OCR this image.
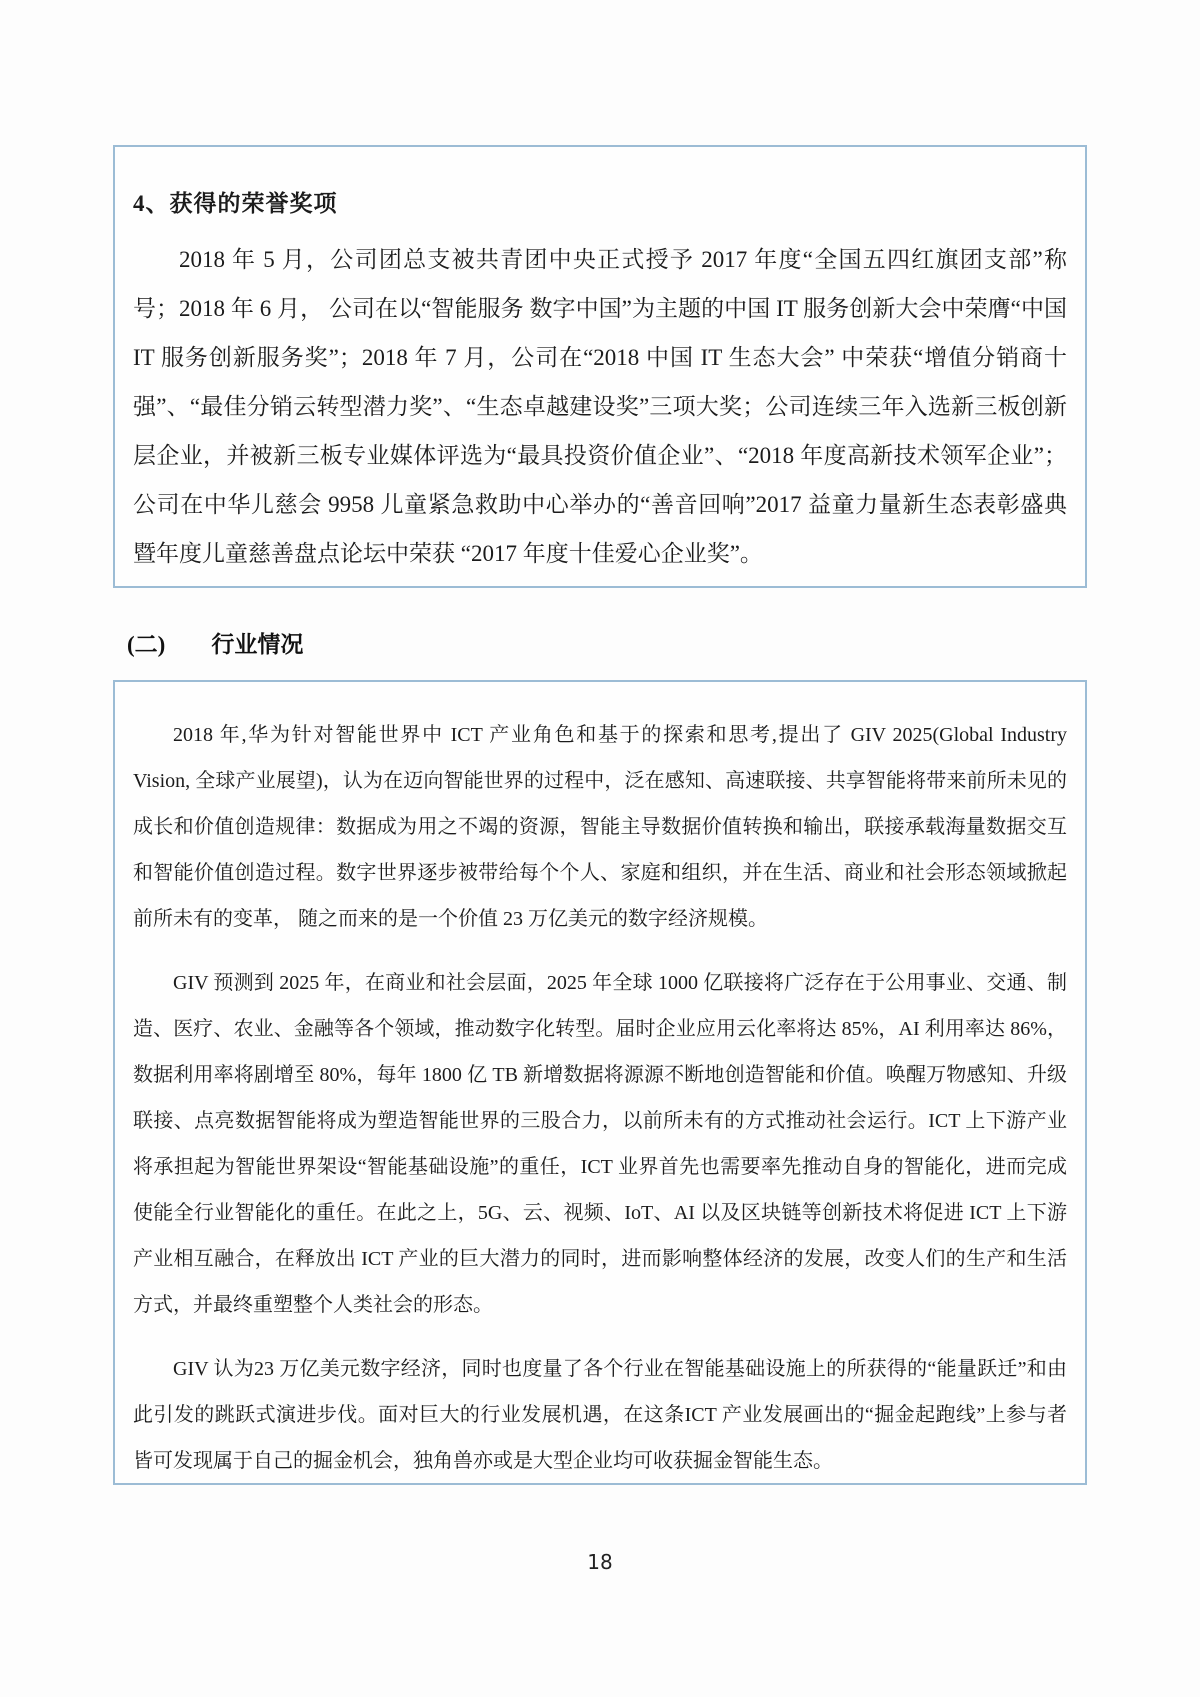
4、获得的荣誉奖项

2018 年 5 月，公司团总支被共青团中央正式授予 2017 年度“全国五四红旗团支部”称号；2018 年 6 月， 公司在以“智能服务 数字中国”为主题的中国 IT 服务创新大会中荣膺“中国 IT 服务创新服务奖”；2018 年 7 月，公司在“2018 中国 IT 生态大会” 中荣获“增值分销商十强”、“最佳分销云转型潜力奖”、“生态卓越建设奖”三项大奖；公司连续三年入选新三板创新层企业，并被新三板专业媒体评选为“最具投资价值企业”、“2018 年度高新技术领军企业”；公司在中华儿慈会 9958 儿童紧急救助中心举办的“善音回响”2017 益童力量新生态表彰盛典暨年度儿童慈善盘点论坛中荣获 “2017 年度十佳爱心企业奖”。

(二) 行业情况

2018 年,华为针对智能世界中 ICT 产业角色和基于的探索和思考,提出了 GIV 2025(Global Industry Vision, 全球产业展望)，认为在迈向智能世界的过程中，泛在感知、高速联接、共享智能将带来前所未见的成长和价值创造规律：数据成为用之不竭的资源，智能主导数据价值转换和输出，联接承载海量数据交互和智能价值创造过程。数字世界逐步被带给每个个人、家庭和组织，并在生活、商业和社会形态领域掀起前所未有的变革， 随之而来的是一个价值 23 万亿美元的数字经济规模。

GIV 预测到 2025 年，在商业和社会层面，2025 年全球 1000 亿联接将广泛存在于公用事业、交通、制造、医疗、农业、金融等各个领域，推动数字化转型。届时企业应用云化率将达 85%，AI 利用率达 86%，数据利用率将剧增至 80%，每年 1800 亿 TB 新增数据将源源不断地创造智能和价值。唤醒万物感知、升级联接、点亮数据智能将成为塑造智能世界的三股合力，以前所未有的方式推动社会运行。ICT 上下游产业将承担起为智能世界架设“智能基础设施”的重任，ICT 业界首先也需要率先推动自身的智能化，进而完成使能全行业智能化的重任。在此之上，5G、云、视频、IoT、AI 以及区块链等创新技术将促进 ICT 上下游产业相互融合，在释放出 ICT 产业的巨大潜力的同时，进而影响整体经济的发展，改变人们的生产和生活方式，并最终重塑整个人类社会的形态。

GIV 认为23 万亿美元数字经济，同时也度量了各个行业在智能基础设施上的所获得的“能量跃迁”和由此引发的跳跃式演进步伐。面对巨大的行业发展机遇，在这条ICT 产业发展画出的“掘金起跑线”上参与者皆可发现属于自己的掘金机会，独角兽亦或是大型企业均可收获掘金智能生态。

18
